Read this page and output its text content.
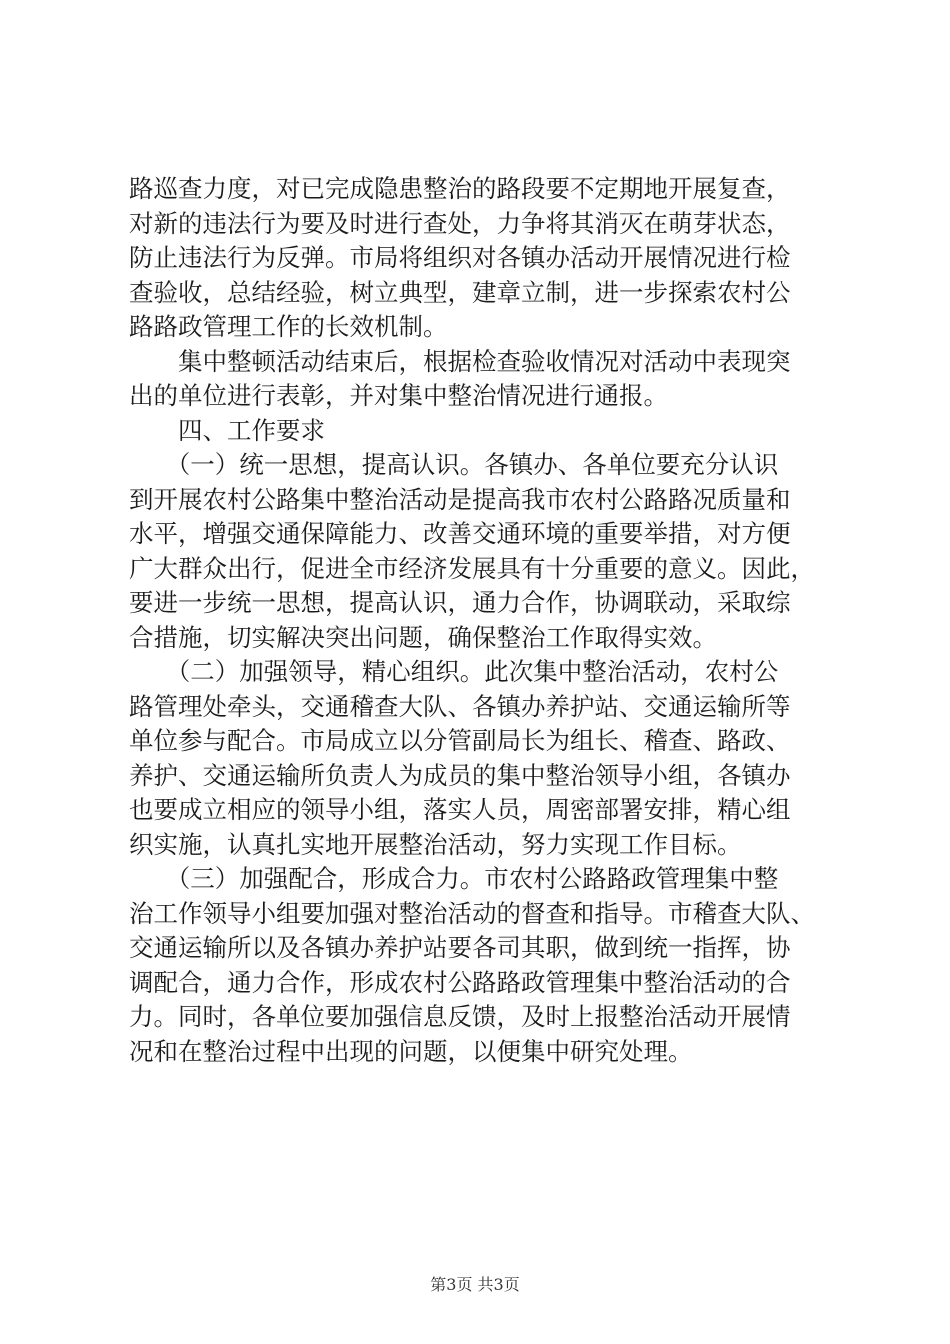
路巡查力度，对已完成隐患整治的路段要不定期地开展复查，
对新的违法行为要及时进行查处，力争将其消灭在萌芽状态，
防止违法行为反弹。市局将组织对各镇办活动开展情况进行检
查验收，总结经验，树立典型，建章立制，进一步探索农村公
路路政管理工作的长效机制。
　　集中整顿活动结束后，根据检查验收情况对活动中表现突
出的单位进行表彰，并对集中整治情况进行通报。
　　四、工作要求
　　（一）统一思想，提高认识。各镇办、各单位要充分认识
到开展农村公路集中整治活动是提高我市农村公路路况质量和
水平，增强交通保障能力、改善交通环境的重要举措，对方便
广大群众出行，促进全市经济发展具有十分重要的意义。因此，
要进一步统一思想，提高认识，通力合作，协调联动，采取综
合措施，切实解决突出问题，确保整治工作取得实效。
　　（二）加强领导，精心组织。此次集中整治活动，农村公
路管理处牵头，交通稽查大队、各镇办养护站、交通运输所等
单位参与配合。市局成立以分管副局长为组长、稽查、路政、
养护、交通运输所负责人为成员的集中整治领导小组，各镇办
也要成立相应的领导小组，落实人员，周密部署安排，精心组
织实施，认真扎实地开展整治活动，努力实现工作目标。
　　（三）加强配合，形成合力。市农村公路路政管理集中整
治工作领导小组要加强对整治活动的督查和指导。市稽查大队、
交通运输所以及各镇办养护站要各司其职，做到统一指挥，协
调配合，通力合作，形成农村公路路政管理集中整治活动的合
力。同时，各单位要加强信息反馈，及时上报整治活动开展情
况和在整治过程中出现的问题，以便集中研究处理。
第3页 共3页
